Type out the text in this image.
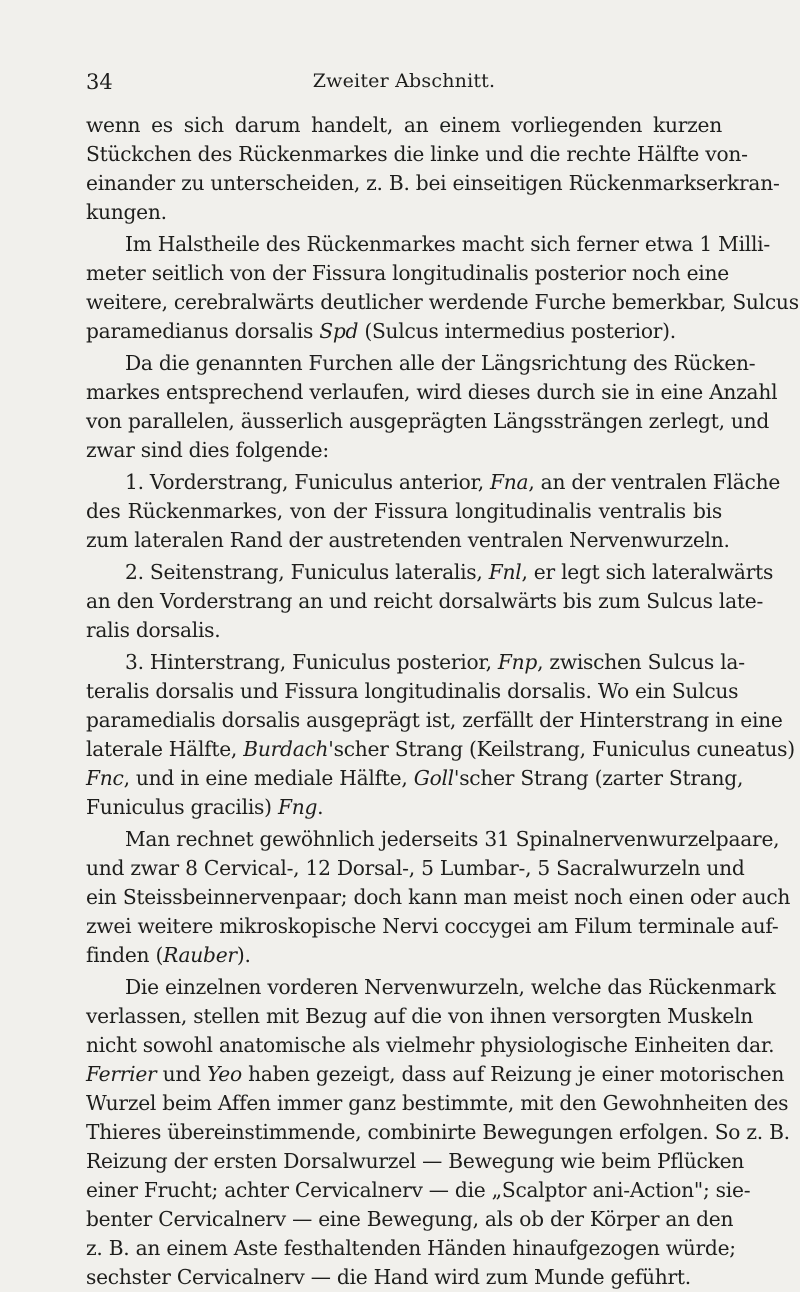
34	Zweiter Abschnitt.
wenn es sich darum handelt, an einem vorliegenden kurzen
Stückchen des Rückenmarkes die linke und die rechte Hälfte von-
einander zu unterscheiden, z. B. bei einseitigen Rückenmarkserkran-
kungen.
Im Halstheile des Rückenmarkes macht sich ferner etwa 1 Milli-
meter seitlich von der Fissura longitudinalis posterior noch eine
weitere, cerebralwärts deutlicher werdende Furche bemerkbar, Sulcus
paramedianus dorsalis Spd (Sulcus intermedius posterior).
Da die genannten Furchen alle der Längsrichtung des Rücken-
markes entsprechend verlaufen, wird dieses durch sie in eine Anzahl
von parallelen, äusserlich ausgeprägten Längssträngen zerlegt, und
zwar sind dies folgende:
1. Vorderstrang, Funiculus anterior, Fna, an der ventralen Fläche
des Rückenmarkes, von der Fissura longitudinalis ventralis bis
zum lateralen Rand der austretenden ventralen Nervenwurzeln.
2. Seitenstrang, Funiculus lateralis, Fnl, er legt sich lateralwärts
an den Vorderstrang an und reicht dorsalwärts bis zum Sulcus late-
ralis dorsalis.
3. Hinterstrang, Funiculus posterior, Fnp, zwischen Sulcus la-
teralis dorsalis und Fissura longitudinalis dorsalis. Wo ein Sulcus
paramedialis dorsalis ausgeprägt ist, zerfällt der Hinterstrang in eine
laterale Hälfte, Burdach'scher Strang (Keilstrang, Funiculus cuneatus)
Fnc, und in eine mediale Hälfte, Goll'scher Strang (zarter Strang,
Funiculus gracilis) Fng.
Man rechnet gewöhnlich jederseits 31 Spinalnervenwurzelpaare,
und zwar 8 Cervical-, 12 Dorsal-, 5 Lumbar-, 5 Sacralwurzeln und
ein Steissbeinnervenpaar; doch kann man meist noch einen oder auch
zwei weitere mikroskopische Nervi coccygei am Filum terminale auf-
finden (Rauber).
Die einzelnen vorderen Nervenwurzeln, welche das Rückenmark
verlassen, stellen mit Bezug auf die von ihnen versorgten Muskeln
nicht sowohl anatomische als vielmehr physiologische Einheiten dar.
Ferrier und Yeo haben gezeigt, dass auf Reizung je einer motorischen
Wurzel beim Affen immer ganz bestimmte, mit den Gewohnheiten des
Thieres übereinstimmende, combinirte Bewegungen erfolgen. So z. B.
Reizung der ersten Dorsalwurzel — Bewegung wie beim Pflücken
einer Frucht; achter Cervicalnerv — die „Scalptor ani-Action"; sie-
benter Cervicalnerv — eine Bewegung, als ob der Körper an den
z. B. an einem Aste festhaltenden Händen hinaufgezogen würde;
sechster Cervicalnerv — die Hand wird zum Munde geführt.
